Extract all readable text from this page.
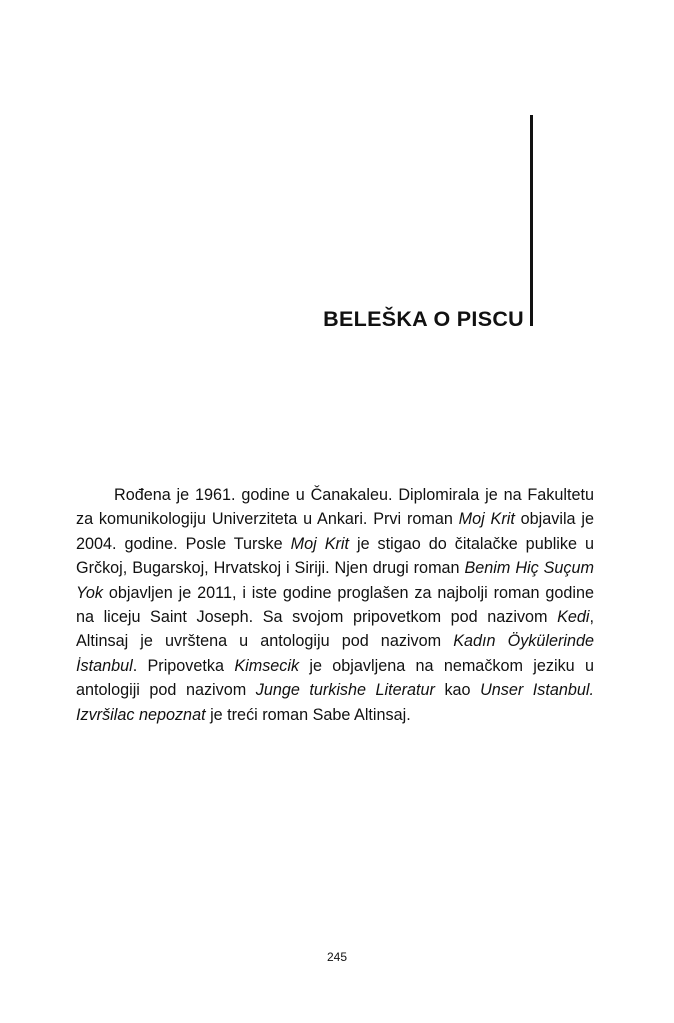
BELEŠKA O PISCU

Rođena je 1961. godine u Čanakaleu. Diplomirala je na Fakultetu za komunikologiju Univerziteta u Ankari. Prvi roman Moj Krit objavila je 2004. godine. Posle Turske Moj Krit je stigao do čitalačke publike u Grčkoj, Bugarskoj, Hrvatskoj i Siriji. Njen drugi roman Benim Hiç Suçum Yok objavljen je 2011, i iste godine proglašen za najbolji roman godine na liceju Saint Joseph. Sa svojom pripovetkom pod nazivom Kedi, Altinsaj je uvrštena u antologiju pod nazivom Kadın Öykülerinde İstanbul. Pripovetka Kimsecik je objavljena na nemačkom jeziku u antologiji pod nazivom Junge turkishe Literatur kao Unser Istanbul. Izvršilac nepoznat je treći roman Sabe Altinsaj.

245
